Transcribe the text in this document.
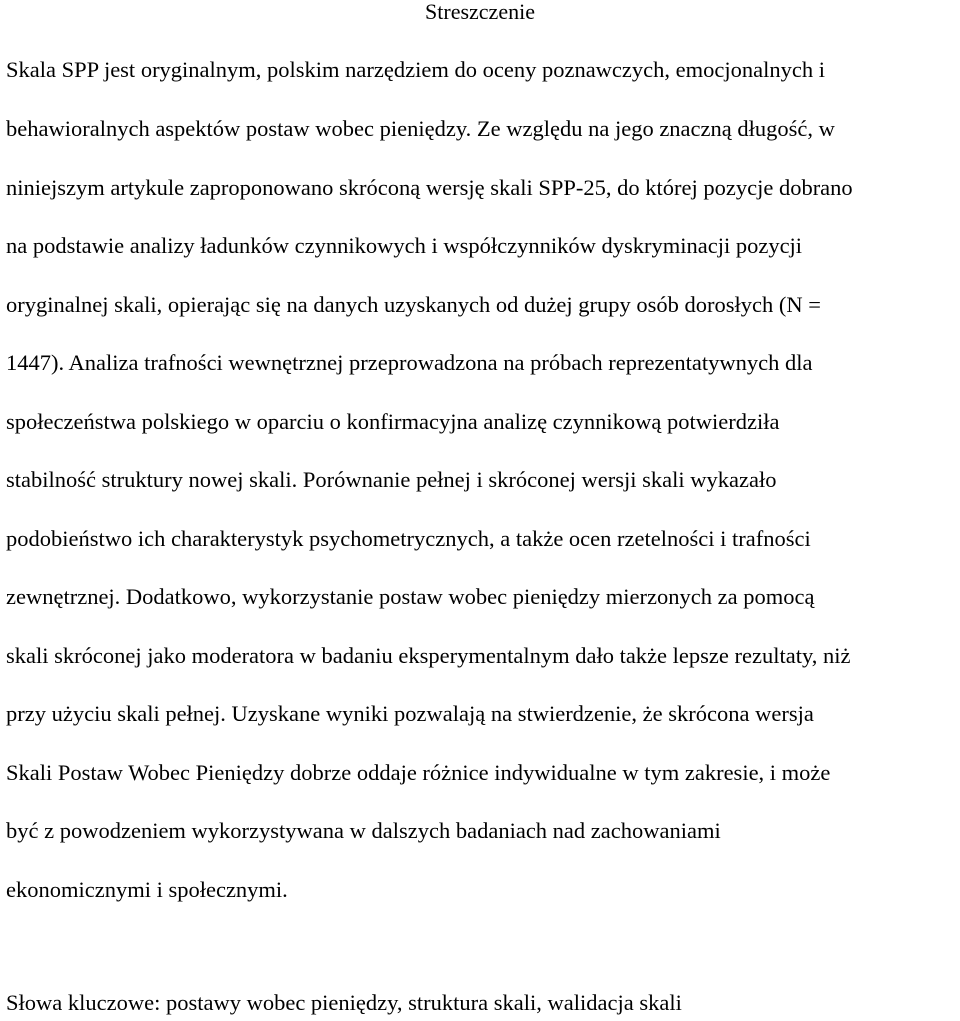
Streszczenie

Skala SPP jest oryginalnym, polskim narzędziem do oceny poznawczych, emocjonalnych i

behawioralnych aspektów postaw wobec pieniędzy. Ze względu na jego znaczną długość, w

niniejszym artykule zaproponowano skróconą wersję skali SPP-25, do której pozycje dobrano

na podstawie analizy ładunków czynnikowych i współczynników dyskryminacji pozycji

oryginalnej skali, opierając się na danych uzyskanych od dużej grupy osób dorosłych (N =

1447). Analiza trafności wewnętrznej przeprowadzona na próbach reprezentatywnych dla

społeczeństwa polskiego w oparciu o konfirmacyjna analizę czynnikową potwierdziła

stabilność struktury nowej skali. Porównanie pełnej i skróconej wersji skali wykazało

podobieństwo ich charakterystyk psychometrycznych, a także ocen rzetelności i trafności

zewnętrznej. Dodatkowo, wykorzystanie postaw wobec pieniędzy mierzonych za pomocą

skali skróconej jako moderatora w badaniu eksperymentalnym dało także lepsze rezultaty, niż

przy użyciu skali pełnej. Uzyskane wyniki pozwalają na stwierdzenie, że skrócona wersja

Skali Postaw Wobec Pieniędzy dobrze oddaje różnice indywidualne w tym zakresie, i może

być z powodzeniem wykorzystywana w dalszych badaniach nad zachowaniami

ekonomicznymi i społecznymi.

Słowa kluczowe: postawy wobec pieniędzy, struktura skali, walidacja skali
